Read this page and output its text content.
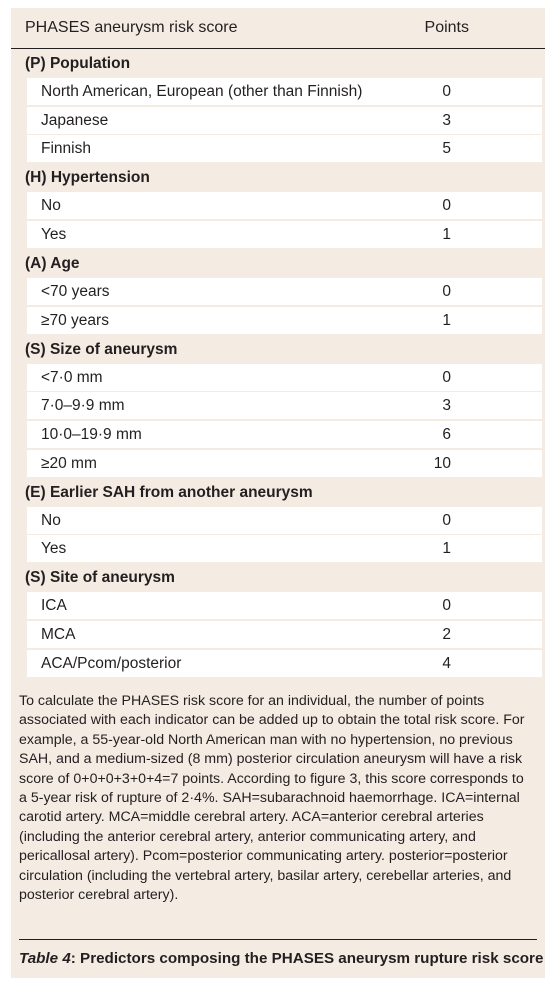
PHASES aneurysm risk score	Points
(P) Population
North American, European (other than Finnish)	0
Japanese	3
Finnish	5
(H) Hypertension
No	0
Yes	1
(A) Age
<70 years	0
≥70 years	1
(S) Size of aneurysm
<7·0 mm	0
7·0–9·9 mm	3
10·0–19·9 mm	6
≥20 mm	10
(E) Earlier SAH from another aneurysm
No	0
Yes	1
(S) Site of aneurysm
ICA	0
MCA	2
ACA/Pcom/posterior	4
To calculate the PHASES risk score for an individual, the number of points
associated with each indicator can be added up to obtain the total risk score. For
example, a 55-year-old North American man with no hypertension, no previous
SAH, and a medium-sized (8 mm) posterior circulation aneurysm will have a risk
score of 0+0+0+3+0+4=7 points. According to figure 3, this score corresponds to
a 5-year risk of rupture of 2·4%. SAH=subarachnoid haemorrhage. ICA=internal
carotid artery. MCA=middle cerebral artery. ACA=anterior cerebral arteries
(including the anterior cerebral artery, anterior communicating artery, and
pericallosal artery). Pcom=posterior communicating artery. posterior=posterior
circulation (including the vertebral artery, basilar artery, cerebellar arteries, and
posterior cerebral artery).
Table 4: Predictors composing the PHASES aneurysm rupture risk score
